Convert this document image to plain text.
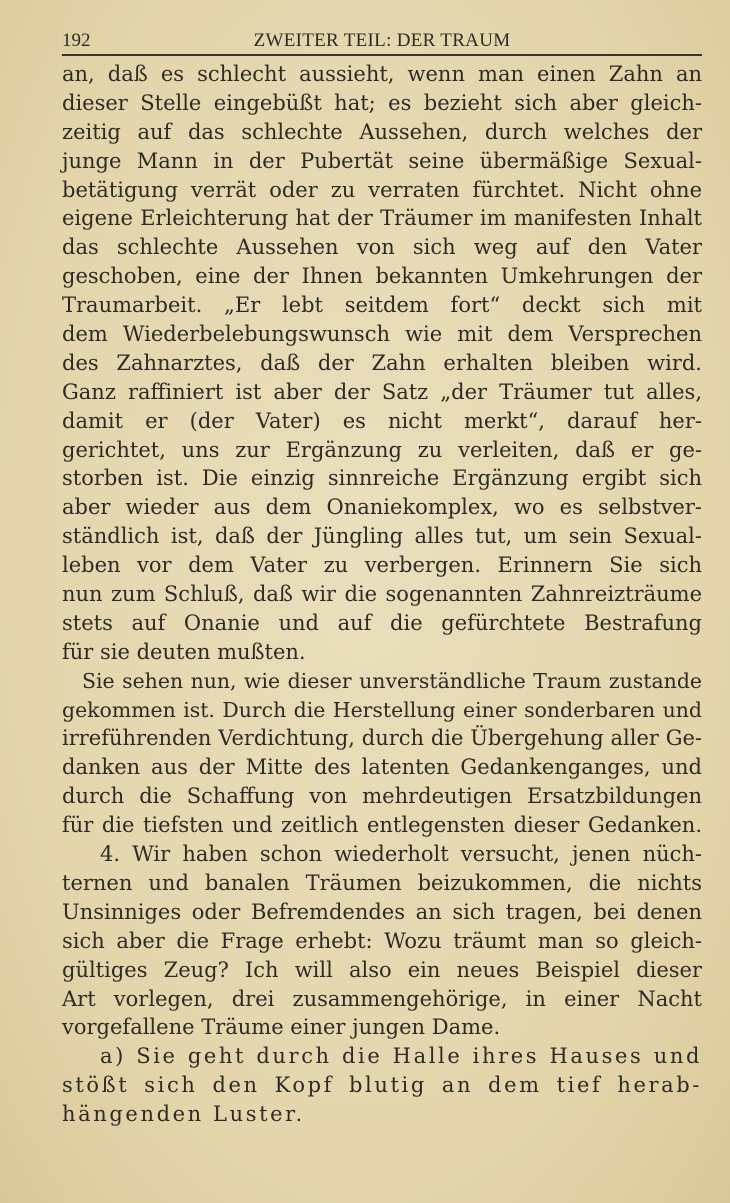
192	ZWEITER TEIL: DER TRAUM
an, daß es schlecht aussieht, wenn man einen Zahn an
dieser Stelle eingebüßt hat; es bezieht sich aber gleich-
zeitig auf das schlechte Aussehen, durch welches der
junge Mann in der Pubertät seine übermäßige Sexual-
betätigung verrät oder zu verraten fürchtet. Nicht ohne
eigene Erleichterung hat der Träumer im manifesten Inhalt
das schlechte Aussehen von sich weg auf den Vater
geschoben, eine der Ihnen bekannten Umkehrungen der
Traumarbeit. „Er lebt seitdem fort“ deckt sich mit
dem Wiederbelebungswunsch wie mit dem Versprechen
des Zahnarztes, daß der Zahn erhalten bleiben wird.
Ganz raffiniert ist aber der Satz „der Träumer tut alles,
damit er (der Vater) es nicht merkt“, darauf her-
gerichtet, uns zur Ergänzung zu verleiten, daß er ge-
storben ist. Die einzig sinnreiche Ergänzung ergibt sich
aber wieder aus dem Onaniekomplex, wo es selbstver-
ständlich ist, daß der Jüngling alles tut, um sein Sexual-
leben vor dem Vater zu verbergen. Erinnern Sie sich
nun zum Schluß, daß wir die sogenannten Zahnreizträume
stets auf Onanie und auf die gefürchtete Bestrafung
für sie deuten mußten.
Sie sehen nun, wie dieser unverständliche Traum zustande
gekommen ist. Durch die Herstellung einer sonderbaren und
irreführenden Verdichtung, durch die Übergehung aller Ge-
danken aus der Mitte des latenten Gedankenganges, und
durch die Schaffung von mehrdeutigen Ersatzbildungen
für die tiefsten und zeitlich entlegensten dieser Gedanken.
4. Wir haben schon wiederholt versucht, jenen nüch-
ternen und banalen Träumen beizukommen, die nichts
Unsinniges oder Befremdendes an sich tragen, bei denen
sich aber die Frage erhebt: Wozu träumt man so gleich-
gültiges Zeug? Ich will also ein neues Beispiel dieser
Art vorlegen, drei zusammengehörige, in einer Nacht
vorgefallene Träume einer jungen Dame.
a) Sie geht durch die Halle ihres Hauses und
stößt sich den Kopf blutig an dem tief herab-
hängenden Luster.
